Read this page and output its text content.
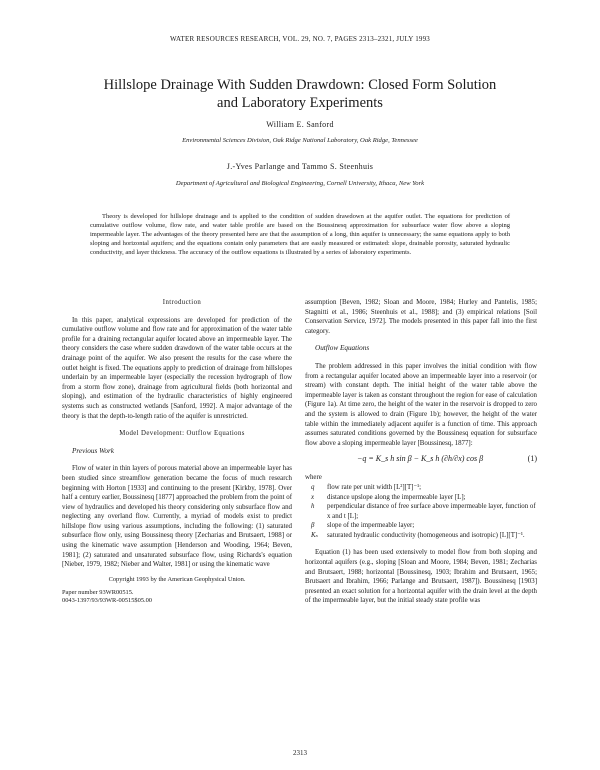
WATER RESOURCES RESEARCH, VOL. 29, NO. 7, PAGES 2313–2321, JULY 1993
Hillslope Drainage With Sudden Drawdown: Closed Form Solution
and Laboratory Experiments
William E. Sanford
Environmental Sciences Division, Oak Ridge National Laboratory, Oak Ridge, Tennessee
J.-Yves Parlange and Tammo S. Steenhuis
Department of Agricultural and Biological Engineering, Cornell University, Ithaca, New York

Theory is developed for hillslope drainage and is applied to the condition of sudden drawdown at the aquifer outlet. The equations for prediction of cumulative outflow volume, flow rate, and water table profile are based on the Boussinesq approximation for subsurface water flow above a sloping impermeable layer. The advantages of the theory presented here are that the assumption of a long, thin aquifer is unnecessary; the same equations apply to both sloping and horizontal aquifers; and the equations contain only parameters that are easily measured or estimated: slope, drainable porosity, saturated hydraulic conductivity, and layer thickness. The accuracy of the outflow equations is illustrated by a series of laboratory experiments.

Introduction

In this paper, analytical expressions are developed for prediction of the cumulative outflow volume and flow rate and for approximation of the water table profile for a draining rectangular aquifer located above an impermeable layer. The theory considers the case where sudden drawdown of the water table occurs at the drainage point of the aquifer. We also present the results for the case where the outlet height is fixed. The equations apply to prediction of drainage from hillslopes underlain by an impermeable layer (especially the recession hydrograph of flow from a storm flow zone), drainage from agricultural fields (both horizontal and sloping), and estimation of the hydraulic characteristics of highly engineered systems such as constructed wetlands [Sanford, 1992]. A major advantage of the theory is that the depth-to-length ratio of the aquifer is unrestricted.

Model Development: Outflow Equations

Previous Work

Flow of water in thin layers of porous material above an impermeable layer has been studied since streamflow generation became the focus of much research beginning with Horton [1933] and continuing to the present [Kirkby, 1978]. Over half a century earlier, Boussinesq [1877] approached the problem from the point of view of hydraulics and developed his theory considering only subsurface flow and neglecting any overland flow. Currently, a myriad of models exist to predict hillslope flow using various assumptions, including the following: (1) saturated subsurface flow only, using Boussinesq theory [Zecharias and Brutsaert, 1988] or using the kinematic wave assumption [Henderson and Wooding, 1964; Beven, 1981]; (2) saturated and unsaturated subsurface flow, using Richards's equation [Nieber, 1979, 1982; Nieber and Walter, 1981] or using the kinematic wave

Copyright 1993 by the American Geophysical Union.
Paper number 93WR00515.
0043-1397/93/93WR-00515$05.00

assumption [Beven, 1982; Sloan and Moore, 1984; Hurley and Pantelis, 1985; Stagnitti et al., 1986; Steenhuis et al., 1988]; and (3) empirical relations [Soil Conservation Service, 1972]. The models presented in this paper fall into the first category.

Outflow Equations

The problem addressed in this paper involves the initial condition with flow from a rectangular aquifer located above an impermeable layer into a reservoir (or stream) with constant depth. The initial height of the water table above the impermeable layer is taken as constant throughout the region for ease of calculation (Figure 1a). At time zero, the height of the water in the reservoir is dropped to zero and the system is allowed to drain (Figure 1b); however, the height of the water table within the immediately adjacent aquifer is a function of time. This approach assumes saturated conditions governed by the Boussinesq equation for subsurface flow above a sloping impermeable layer [Boussinesq, 1877]:

−q = K_s h sin β − K_s h (∂h/∂x) cos β	(1)

where

q flow rate per unit width [L²][T]⁻¹;
x distance upslope along the impermeable layer [L];
h perpendicular distance of free surface above impermeable layer, function of x and t [L];
β slope of the impermeable layer;
Kₛ saturated hydraulic conductivity (homogeneous and isotropic) [L][T]⁻¹.

Equation (1) has been used extensively to model flow from both sloping and horizontal aquifers (e.g., sloping [Sloan and Moore, 1984; Beven, 1981; Zecharias and Brutsaert, 1988; horizontal [Boussinesq, 1903; Ibrahim and Brutsaert, 1965; Brutsaert and Ibrahim, 1966; Parlange and Brutsaert, 1987]). Boussinesq [1903] presented an exact solution for a horizontal aquifer with the drain level at the depth of the impermeable layer, but the initial steady state profile was

2313
